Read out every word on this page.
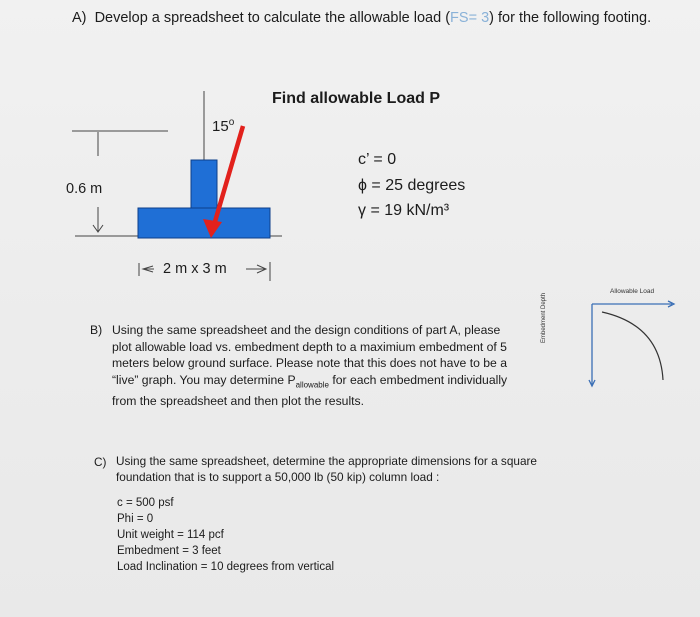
A) Develop a spreadsheet to calculate the allowable load (FS= 3) for the following footing.
15$^o$
0.6 m
2 m x 3 m
Find allowable Load P
c’ = 0
ϕ = 25 degrees
γ = 19 kN/m³
Allowable Load
Embedment Depth
B) Using the same spreadsheet and the design conditions of part A, please
plot allowable load vs. embedment depth to a maximium embedment of 5
meters below ground surface. Please note that this does not have to be a
“live” graph. You may determine $P_{allowable}$ for each embedment individually
from the spreadsheet and then plot the results.
C) Using the same spreadsheet, determine the appropriate dimensions for a square
foundation that is to support a 50,000 lb (50 kip) column load :
c = 500 psf
Phi = 0
Unit weight = 114 pcf
Embedment = 3 feet
Load Inclination = 10 degrees from vertical
